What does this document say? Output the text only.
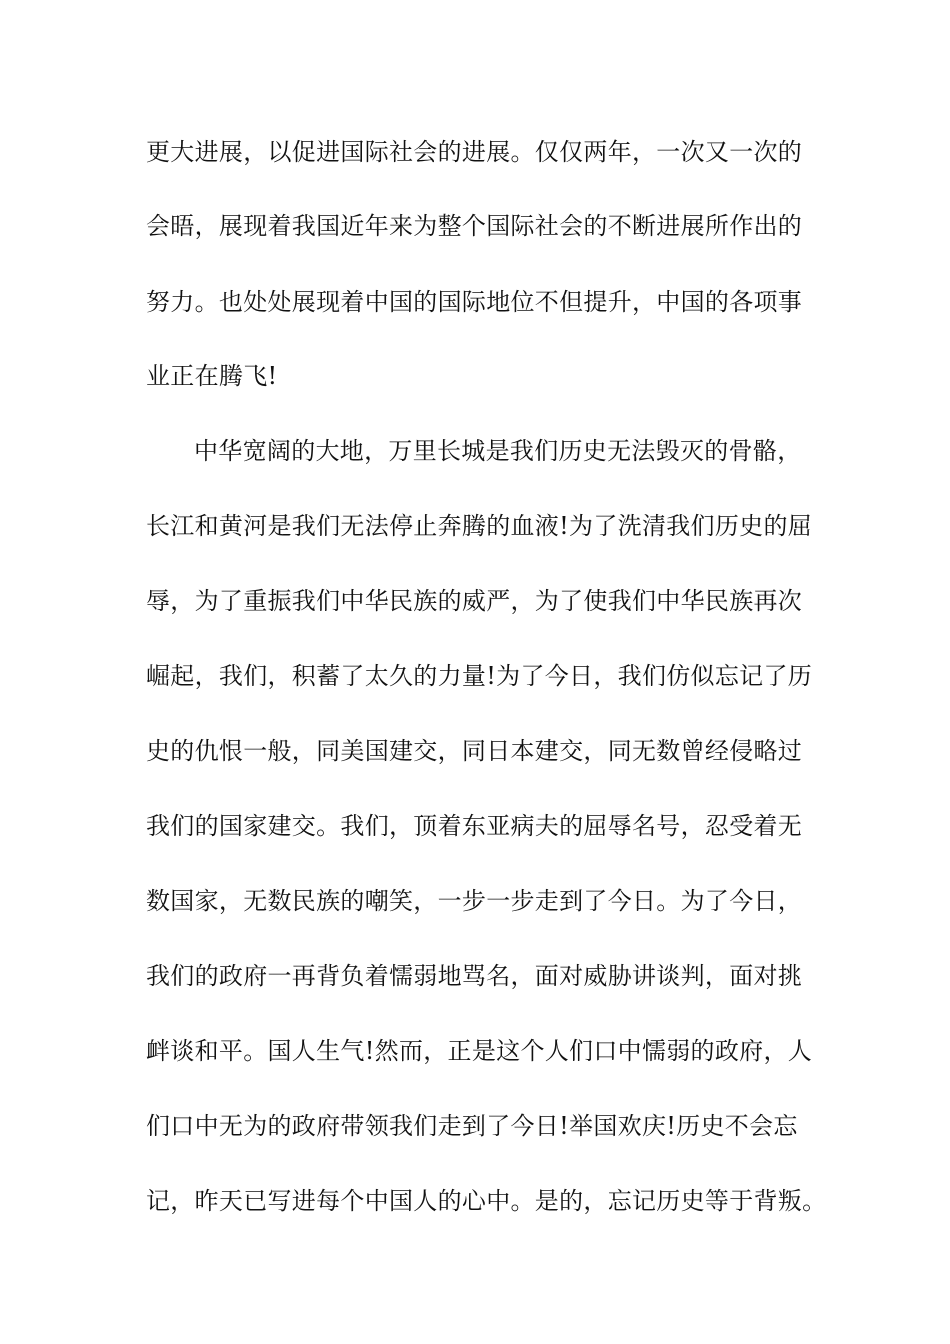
更大进展，以促进国际社会的进展。仅仅两年，一次又一次的
会晤，展现着我国近年来为整个国际社会的不断进展所作出的
努力。也处处展现着中国的国际地位不但提升，中国的各项事
业正在腾飞!
中华宽阔的大地，万里长城是我们历史无法毁灭的骨骼，
长江和黄河是我们无法停止奔腾的血液!为了洗清我们历史的屈
辱，为了重振我们中华民族的威严，为了使我们中华民族再次
崛起，我们，积蓄了太久的力量!为了今日，我们仿似忘记了历
史的仇恨一般，同美国建交，同日本建交，同无数曾经侵略过
我们的国家建交。我们，顶着东亚病夫的屈辱名号，忍受着无
数国家，无数民族的嘲笑，一步一步走到了今日。为了今日，
我们的政府一再背负着懦弱地骂名，面对威胁讲谈判，面对挑
衅谈和平。国人生气!然而，正是这个人们口中懦弱的政府，人
们口中无为的政府带领我们走到了今日!举国欢庆!历史不会忘
记，昨天已写进每个中国人的心中。是的，忘记历史等于背叛。
